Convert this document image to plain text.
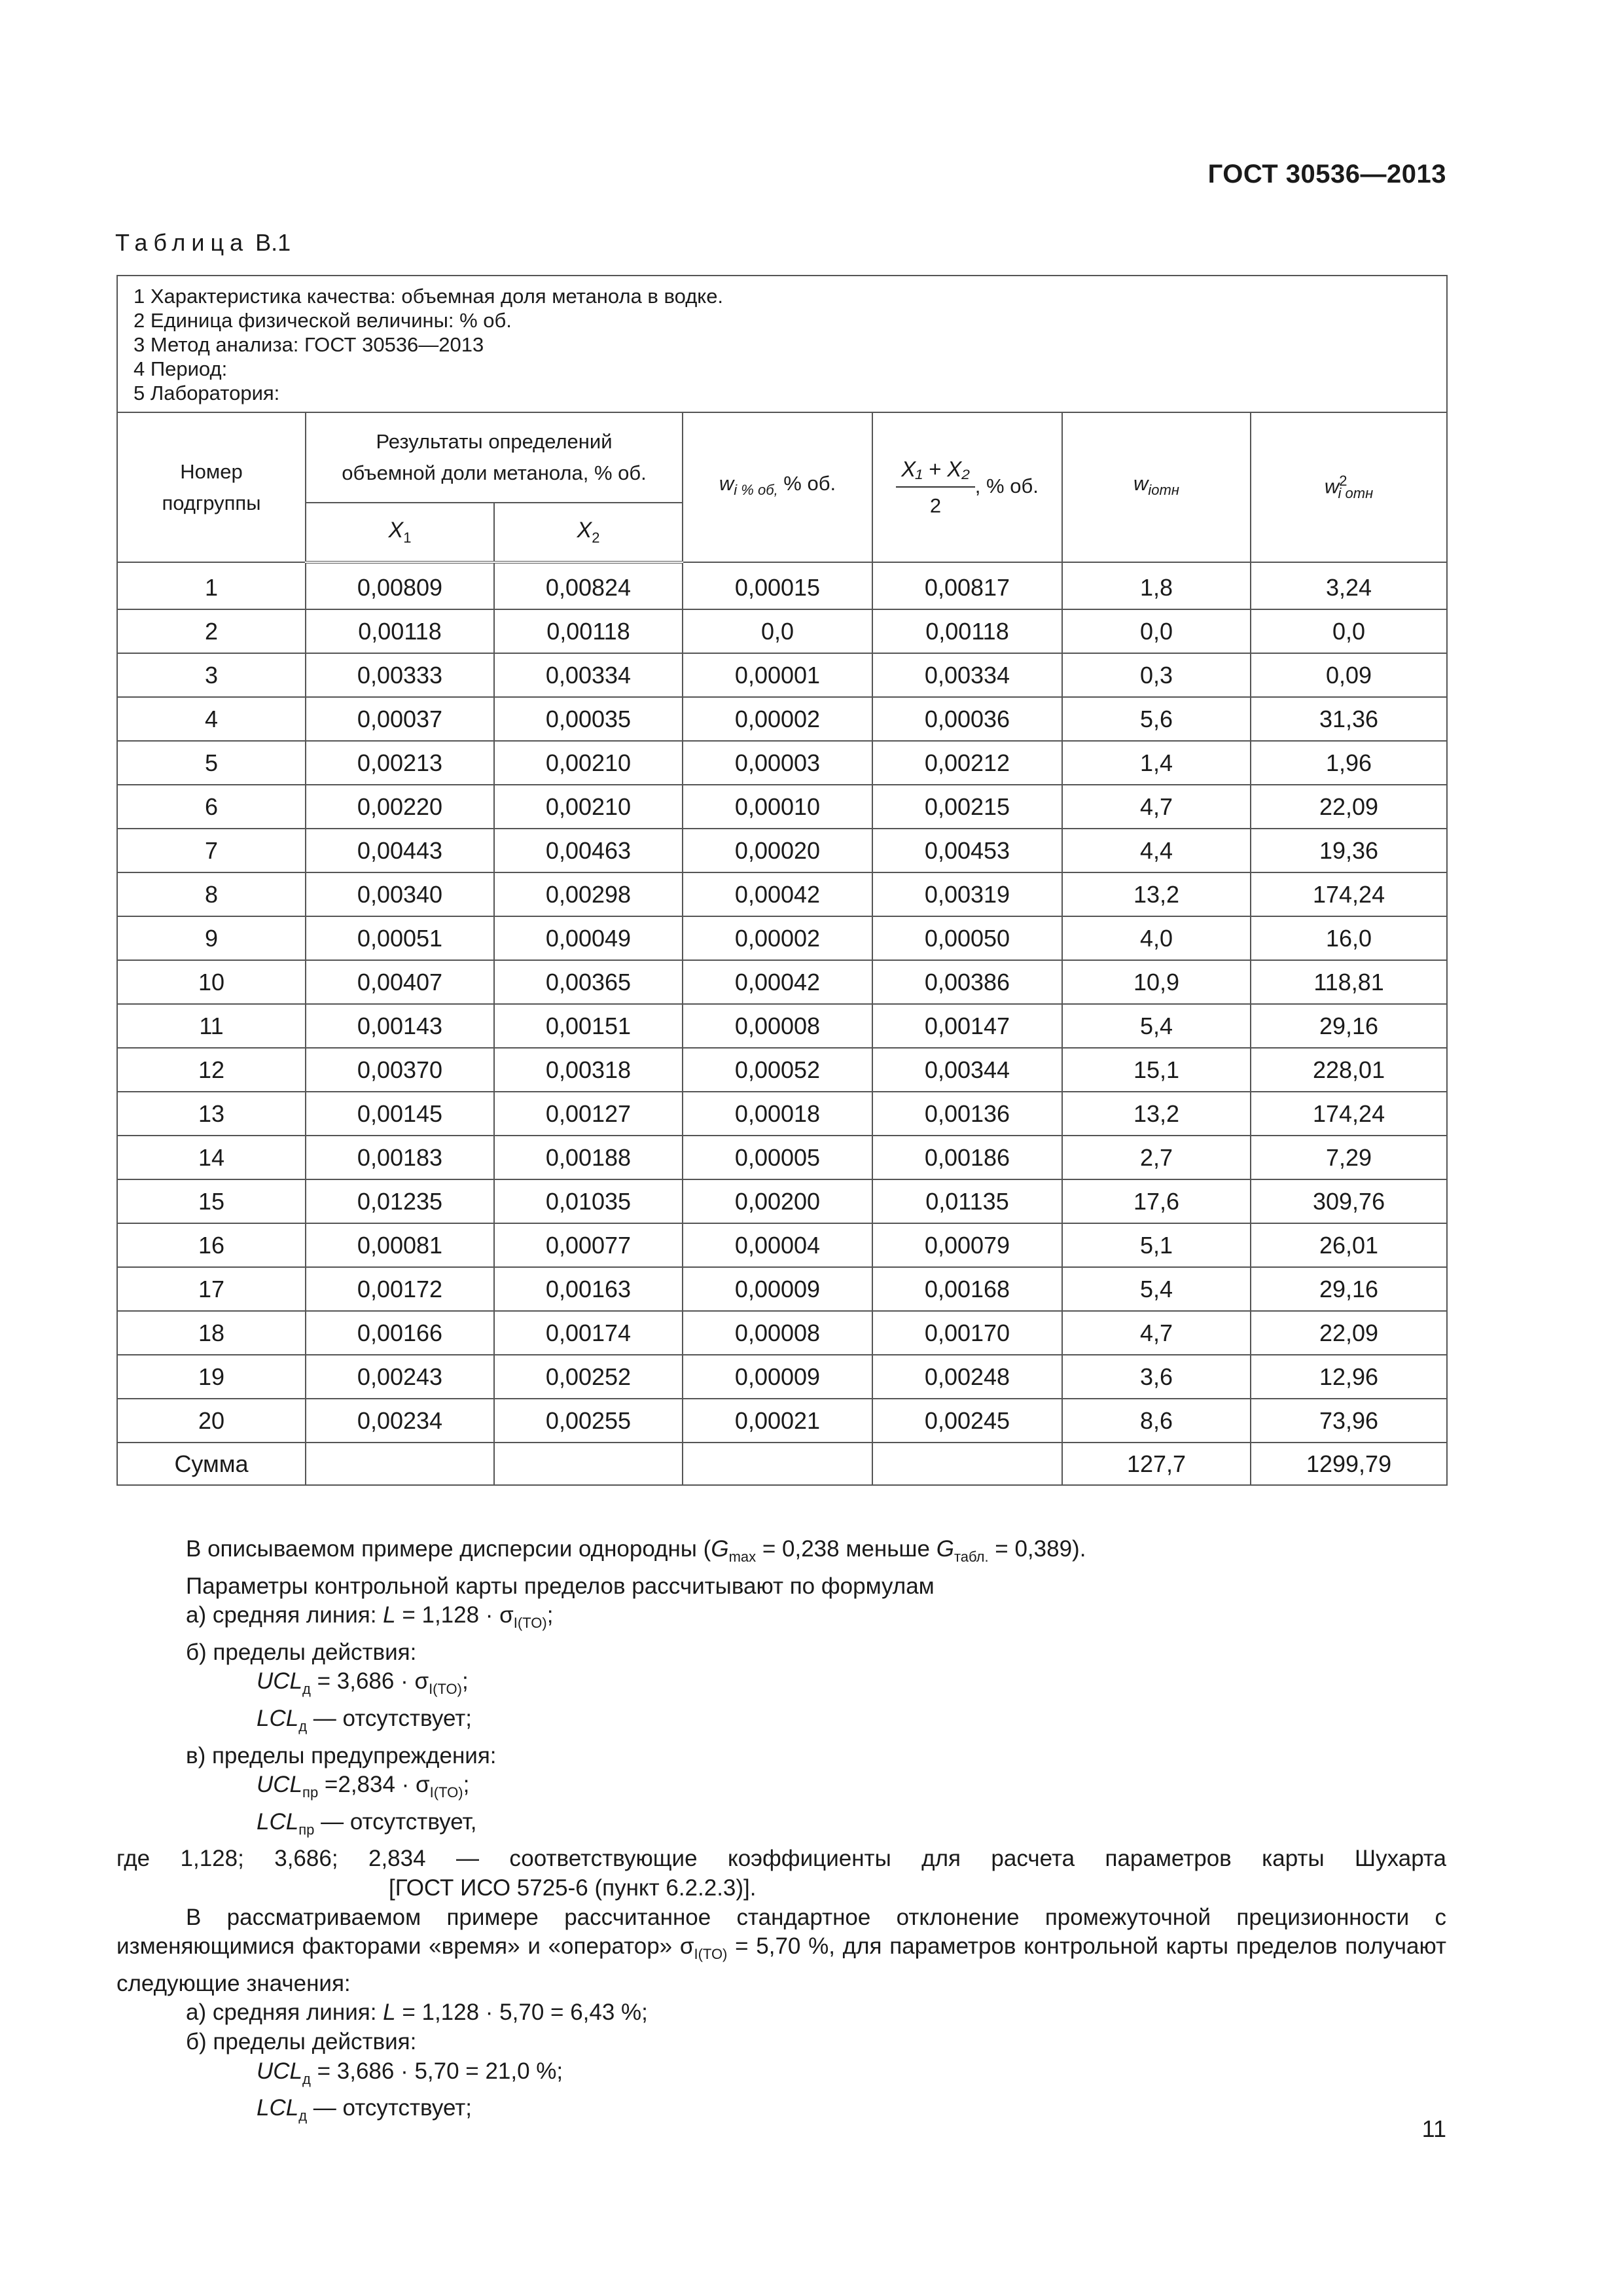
ГОСТ 30536—2013
Таблица В.1
1 Характеристика качества: объемная доля метанола в водке.
2 Единица физической величины: % об.
3 Метод анализа: ГОСТ 30536—2013
4 Период:
5 Лаборатория:						

Номер
подгруппы	Результаты определений
объемной доли метанола, % об.		$w_{i \% об,}$ % об.	$\frac{\text{X₁ + X₂}}{2}$ , % об.	$w_{iотн}$	$w^2_{i отн}$
	$X_1$	$X_2$
1	0,00809	0,00824	0,00015	0,00817	1,8	3,24
2	0,00118	0,00118	0,0	0,00118	0,0	0,0
3	0,00333	0,00334	0,00001	0,00334	0,3	0,09
4	0,00037	0,00035	0,00002	0,00036	5,6	31,36
5	0,00213	0,00210	0,00003	0,00212	1,4	1,96
6	0,00220	0,00210	0,00010	0,00215	4,7	22,09
7	0,00443	0,00463	0,00020	0,00453	4,4	19,36
8	0,00340	0,00298	0,00042	0,00319	13,2	174,24
9	0,00051	0,00049	0,00002	0,00050	4,0	16,0
10	0,00407	0,00365	0,00042	0,00386	10,9	118,81
11	0,00143	0,00151	0,00008	0,00147	5,4	29,16
12	0,00370	0,00318	0,00052	0,00344	15,1	228,01
13	0,00145	0,00127	0,00018	0,00136	13,2	174,24
14	0,00183	0,00188	0,00005	0,00186	2,7	7,29
15	0,01235	0,01035	0,00200	0,01135	17,6	309,76
16	0,00081	0,00077	0,00004	0,00079	5,1	26,01
17	0,00172	0,00163	0,00009	0,00168	5,4	29,16
18	0,00166	0,00174	0,00008	0,00170	4,7	22,09
19	0,00243	0,00252	0,00009	0,00248	3,6	12,96
20	0,00234	0,00255	0,00021	0,00245	8,6	73,96
Сумма					127,7	1299,79
В описываемом примере дисперсии однородны ($G_{max} = 0,238$ меньше $G_{табл.} = 0,389$).
Параметры контрольной карты пределов рассчитывают по формулам
а) средняя линия: $L = 1,128 \cdot \sigma_{I(TO)}$;
б) пределы действия:
$UCL_д = 3,686 \cdot \sigma_{I(TO)}$;
$LCL_д$ — отсутствует;
в) пределы предупреждения:
$UCL_{пр} =2,834 \cdot \sigma_{I(TO)}$;
$LCL_{пр}$ — отсутствует,
где 1,128; 3,686; 2,834 — соответствующие коэффициенты для расчета параметров карты Шухарта
[ГОСТ ИСО 5725-6 (пункт 6.2.2.3)].
В рассматриваемом примере рассчитанное стандартное отклонение промежуточной прецизионности с изменяющимися факторами «время» и «оператор» $\sigma_{I(TO)} = 5,70$ %, для параметров контрольной карты пределов получают следующие значения:
а) средняя линия: L = 1,128 · 5,70 = 6,43 %;
б) пределы действия:
$UCL_д = 3,686 \cdot 5,70 = 21,0$ %;
$LCL_д$ — отсутствует;
11
